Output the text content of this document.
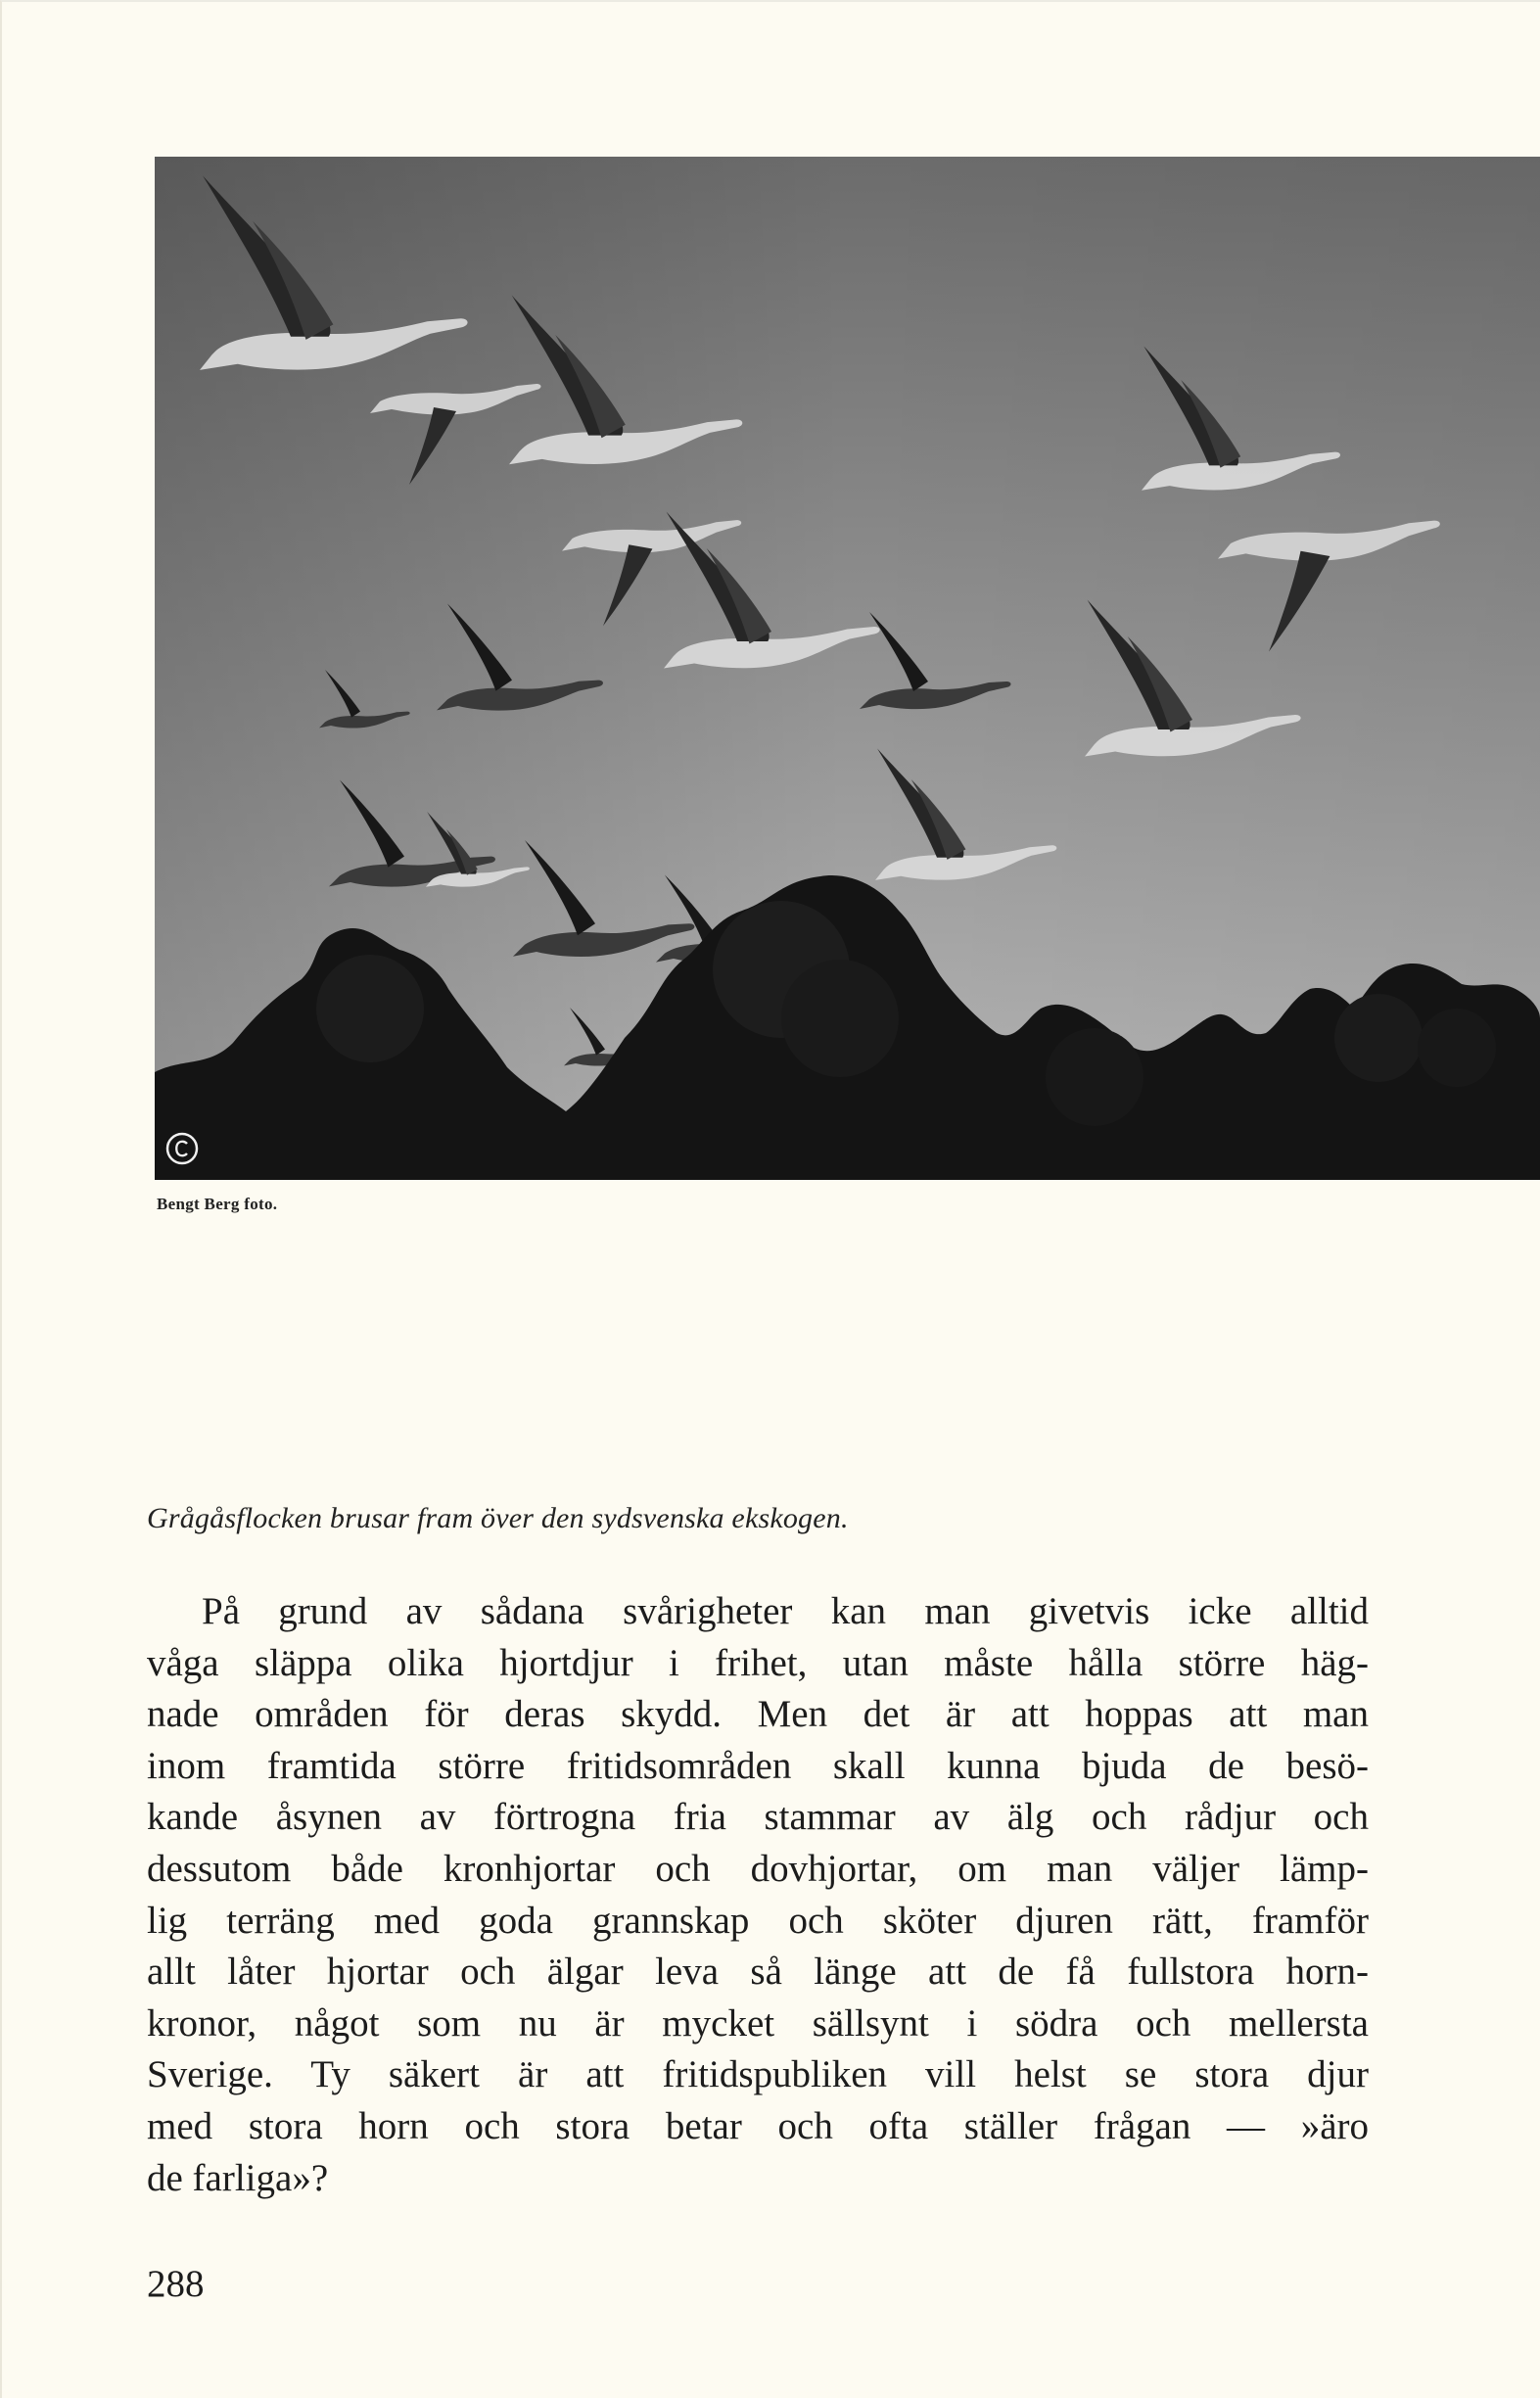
Bengt Berg foto.
Grågåsflocken brusar fram över den sydsvenska ekskogen.
På grund av sådana svårigheter kan man givetvis icke alltid
våga släppa olika hjortdjur i frihet, utan måste hålla större häg-
nade områden för deras skydd. Men det är att hoppas att man
inom framtida större fritidsområden skall kunna bjuda de besö-
kande åsynen av förtrogna fria stammar av älg och rådjur och
dessutom både kronhjortar och dovhjortar, om man väljer lämp-
lig terräng med goda grannskap och sköter djuren rätt, framför
allt låter hjortar och älgar leva så länge att de få fullstora horn-
kronor, något som nu är mycket sällsynt i södra och mellersta
Sverige. Ty säkert är att fritidspubliken vill helst se stora djur
med stora horn och stora betar och ofta ställer frågan — »äro
de farliga»?
288
